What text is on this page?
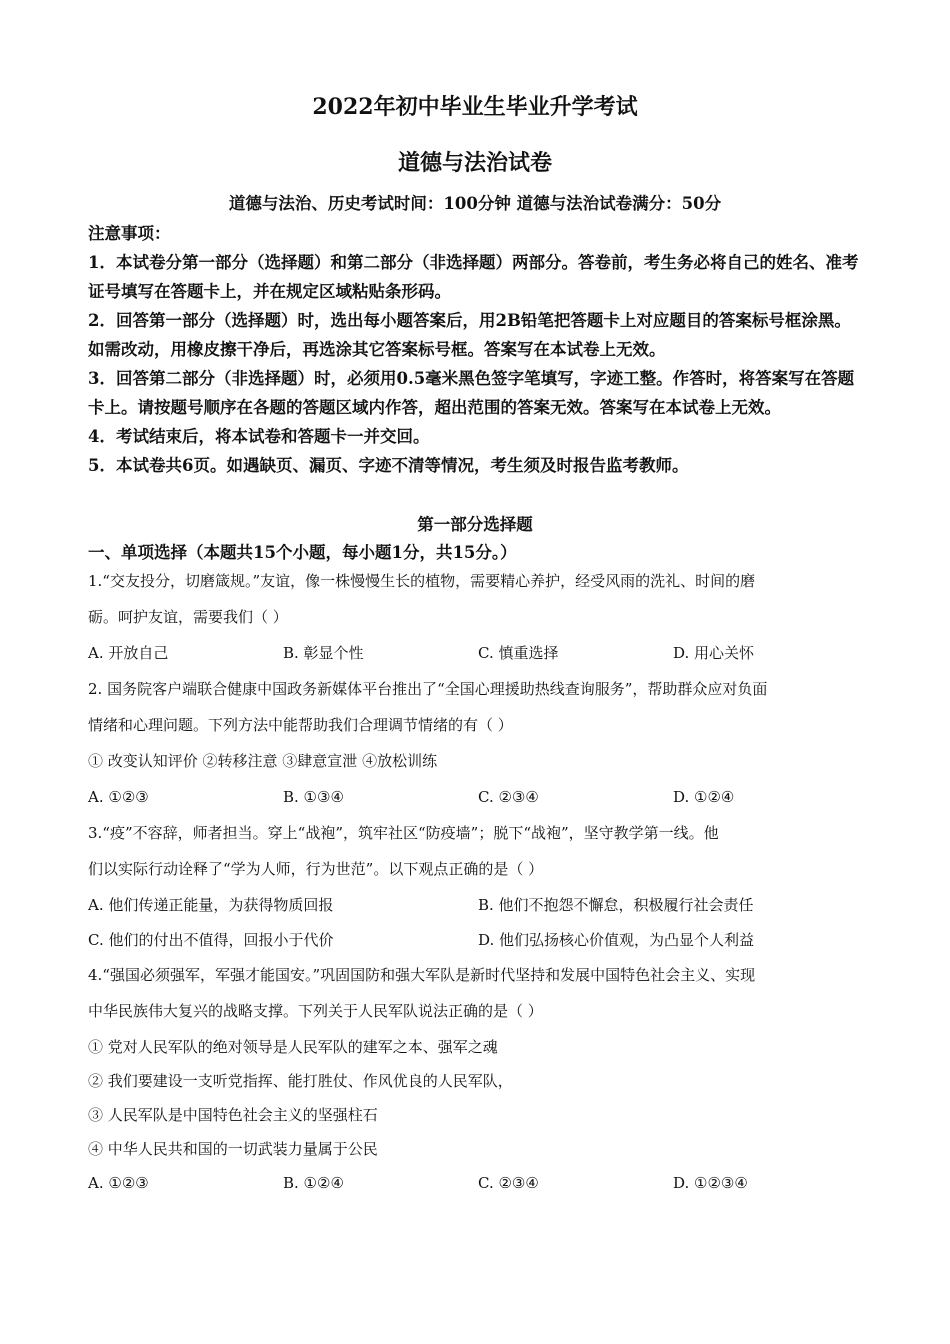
2022年初中毕业生毕业升学考试
道德与法治试卷
道德与法治、历史考试时间：100分钟 道德与法治试卷满分：50分

注意事项：

1．本试卷分第一部分（选择题）和第二部分（非选择题）两部分。答卷前，考生务必将自己的姓名、准考证号填写在答题卡上，并在规定区域粘贴条形码。

2．回答第一部分（选择题）时，选出每小题答案后，用2B铅笔把答题卡上对应题目的答案标号框涂黑。如需改动，用橡皮擦干净后，再选涂其它答案标号框。答案写在本试卷上无效。

3．回答第二部分（非选择题）时，必须用0.5毫米黑色签字笔填写，字迹工整。作答时，将答案写在答题卡上。请按题号顺序在各题的答题区域内作答，超出范围的答案无效。答案写在本试卷上无效。

4．考试结束后，将本试卷和答题卡一并交回。

5．本试卷共6页。如遇缺页、漏页、字迹不清等情况，考生须及时报告监考教师。

第一部分选择题
一、单项选择（本题共15个小题，每小题1分，共15分。）
1.“交友投分，切磨箴规。”友谊，像一株慢慢生长的植物，需要精心养护，经受风雨的洗礼、时间的磨
砺。呵护友谊，需要我们（ ）
A. 开放自己	B. 彰显个性	C. 慎重选择	D. 用心关怀
2. 国务院客户端联合健康中国政务新媒体平台推出了“全国心理援助热线查询服务”，帮助群众应对负面
情绪和心理问题。下列方法中能帮助我们合理调节情绪的有（ ）
① 改变认知评价 ②转移注意 ③肆意宣泄 ④放松训练
A. ①②③	B. ①③④	C. ②③④	D. ①②④
3.“疫”不容辞，师者担当。穿上“战袍”，筑牢社区“防疫墙”；脱下“战袍”，坚守教学第一线。他
们以实际行动诠释了“学为人师，行为世范”。以下观点正确的是（ ）
A. 他们传递正能量，为获得物质回报	B. 他们不抱怨不懈怠，积极履行社会责任
C. 他们的付出不值得，回报小于代价	D. 他们弘扬核心价值观，为凸显个人利益
4.“强国必须强军，军强才能国安。”巩固国防和强大军队是新时代坚持和发展中国特色社会主义、实现
中华民族伟大复兴的战略支撑。下列关于人民军队说法正确的是（ ）
① 党对人民军队的绝对领导是人民军队的建军之本、强军之魂
② 我们要建设一支听党指挥、能打胜仗、作风优良的人民军队，
③ 人民军队是中国特色社会主义的坚强柱石
④ 中华人民共和国的一切武装力量属于公民
A. ①②③	B. ①②④	C. ②③④	D. ①②③④
